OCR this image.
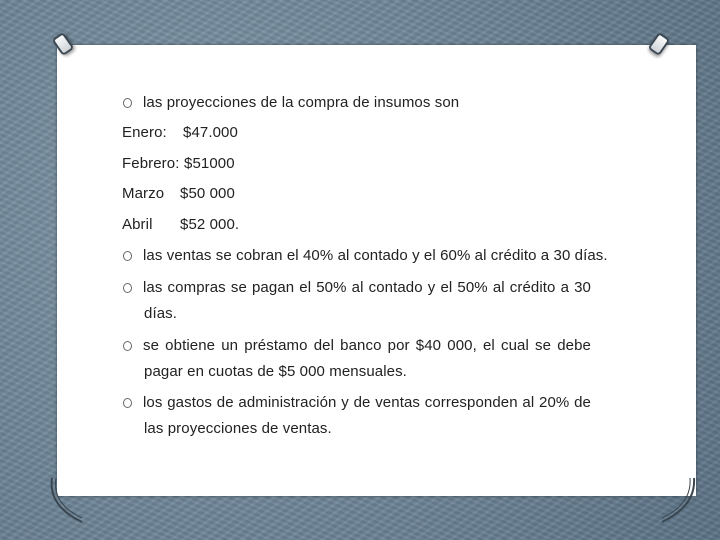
las proyecciones de la compra de insumos son
Enero: $47.000
Febrero: $51000
Marzo $50 000
Abril $52 000.
las ventas se cobran el 40% al contado y el 60% al crédito a 30 días.
las compras se pagan el 50% al contado y el 50% al crédito a 30
días.
se obtiene un préstamo del banco por $40 000, el cual se debe
pagar en cuotas de $5 000 mensuales.
los gastos de administración y de ventas corresponden al 20% de
las proyecciones de ventas.
